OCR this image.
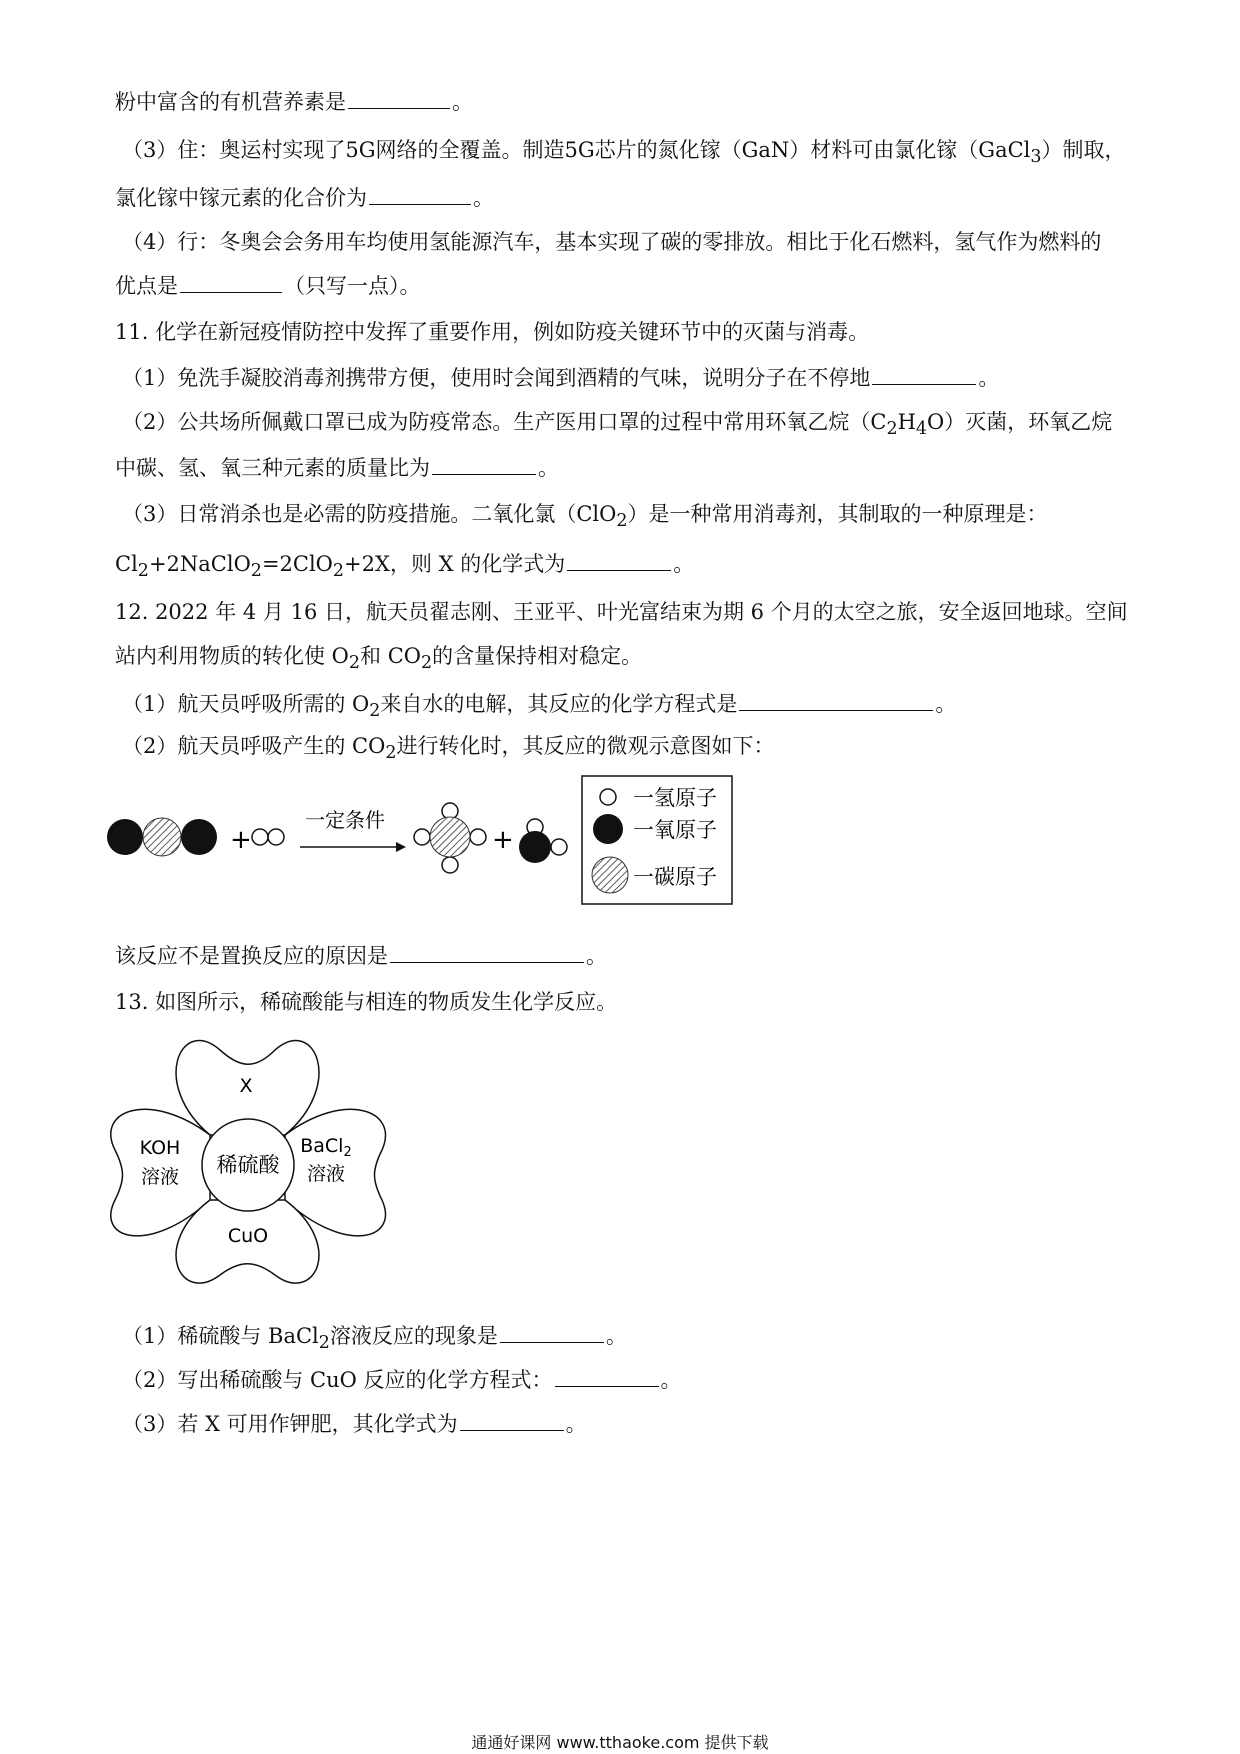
粉中富含的有机营养素是	。
（3）住：奥运村实现了5G网络的全覆盖。制造5G芯片的氮化镓（GaN）材料可由氯化镓（GaCl$_3$）制取，
氯化镓中镓元素的化合价为	。
（4）行：冬奥会会务用车均使用氢能源汽车，基本实现了碳的零排放。相比于化石燃料，氢气作为燃料的
优点是	（只写一点）。
11. 化学在新冠疫情防控中发挥了重要作用，例如防疫关键环节中的灭菌与消毒。
（1）免洗手凝胶消毒剂携带方便，使用时会闻到酒精的气味，说明分子在不停地	。
（2）公共场所佩戴口罩已成为防疫常态。生产医用口罩的过程中常用环氧乙烷$(C_2H_4O)$灭菌，环氧乙烷
中碳、氢、氧三种元素的质量比为	。
（3）日常消杀也是必需的防疫措施。二氧化氯（ClO$_2$）是一种常用消毒剂，其制取的一种原理是：
$Cl_2+2NaClO_2=2ClO_2+2X$，则 X 的化学式为	。
12. 2022 年 4 月 16 日，航天员翟志刚、王亚平、叶光富结束为期 6 个月的太空之旅，安全返回地球。空间
站内利用物质的转化使 $O_2$和 $CO_2$的含量保持相对稳定。
（1）航天员呼吸所需的 $O_2$来自水的电解，其反应的化学方程式是	。
（2）航天员呼吸产生的 $CO_2$进行转化时，其反应的微观示意图如下：
+
一定条件
+
一氢原子
一氧原子
一碳原子
该反应不是置换反应的原因是	。
13. 如图所示，稀硫酸能与相连的物质发生化学反应。
稀硫酸
X
KOH
溶液
BaCl$_2$
溶液
CuO
（1）稀硫酸与 BaCl$_2$溶液反应的现象是	。
（2）写出稀硫酸与 CuO 反应的化学方程式：	。
（3）若 X 可用作钾肥，其化学式为	。
通通好课网 www.tthaoke.com 提供下载
